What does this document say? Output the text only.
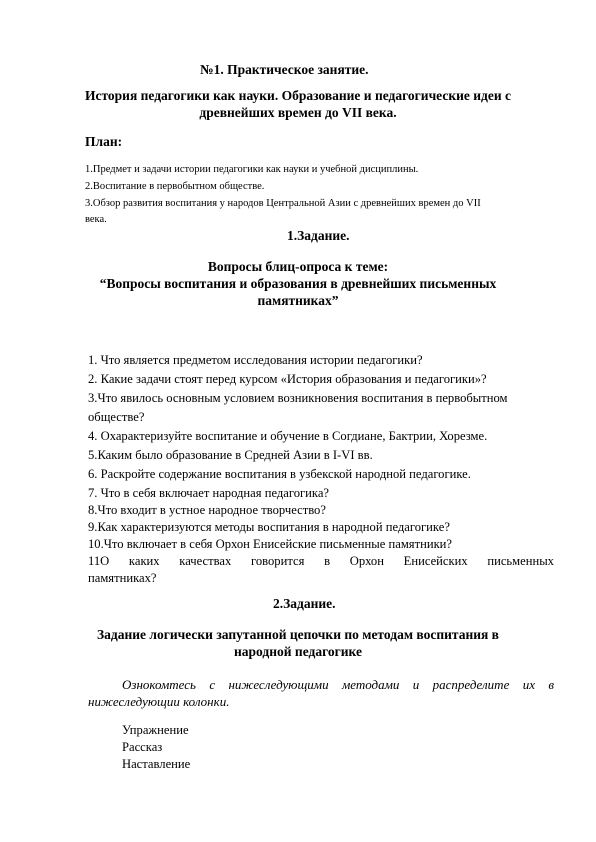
№1. Практическое занятие.
История педагогики как науки. Образование и педагогические идеи с
древнейших времен до VII века.
План:
1.Предмет и задачи истории педагогики как науки и учебной дисциплины.
2.Воспитание в первобытном обществе.
3.Обзор развития воспитания у народов Центральной Азии с древнейших времен до VII
века.
1.Задание.
Вопросы блиц-опроса к теме:
“Вопросы воспитания и образования в древнейших письменных
памятниках”
1. Что является предметом исследования истории педагогики?
2. Какие задачи стоят перед курсом «История образования и педагогики»?
3.Что явилось основным условием возникновения воспитания в первобытном
обществе?
4. Охарактеризуйте воспитание и обучение в Согдиане, Бактрии, Хорезме.
5.Каким было образование в Средней Азии в I-VI вв.
6. Раскройте содержание воспитания в узбекской народной педагогике.
7. Что в себя включает народная педагогика?
8.Что входит в устное народное творчество?
9.Как характеризуются методы воспитания в народной педагогике?
10.Что включает в себя Орхон Енисейские письменные памятники?
11О каких качествах говорится в Орхон Енисейских письменных
памятниках?
2.Задание.
Задание логически запутанной цепочки по методам воспитания в
народной педагогике
Ознокомтесь с нижеследующими методами и распределите их в
нижеследующии колонки.
Упражнение
Рассказ
Наставление
